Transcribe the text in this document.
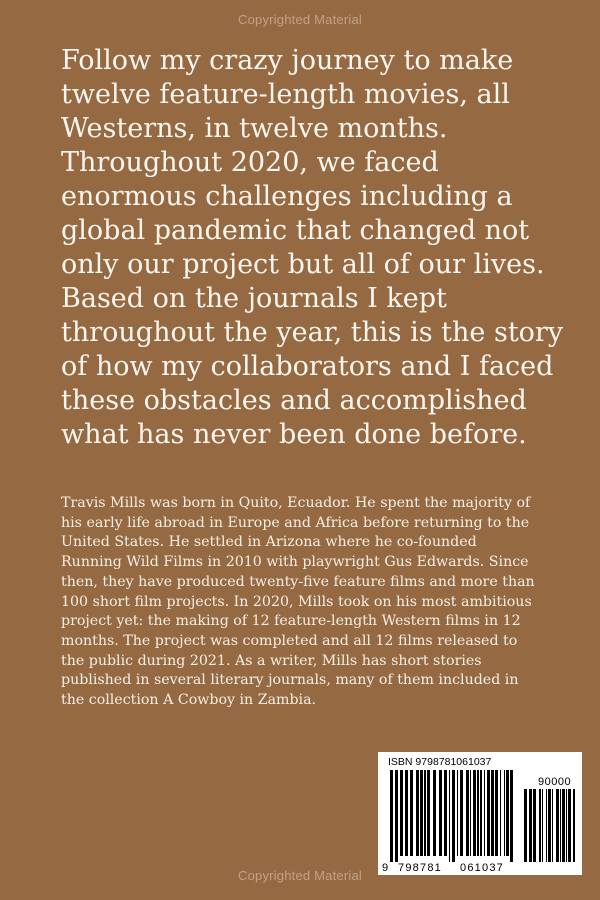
Copyrighted Material

Follow my crazy journey to make twelve feature-length movies, all Westerns, in twelve months. Throughout 2020, we faced enormous challenges including a global pandemic that changed not only our project but all of our lives. Based on the journals I kept throughout the year, this is the story of how my collaborators and I faced these obstacles and accomplished what has never been done before.

Travis Mills was born in Quito, Ecuador. He spent the majority of his early life abroad in Europe and Africa before returning to the United States. He settled in Arizona where he co-founded Running Wild Films in 2010 with playwright Gus Edwards. Since then, they have produced twenty-five feature films and more than 100 short film projects. In 2020, Mills took on his most ambitious project yet: the making of 12 feature-length Western films in 12 months. The project was completed and all 12 films released to the public during 2021. As a writer, Mills has short stories published in several literary journals, many of them included in the collection A Cowboy in Zambia.

ISBN 9798781061037
90000
9 798781 061037
Copyrighted Material
